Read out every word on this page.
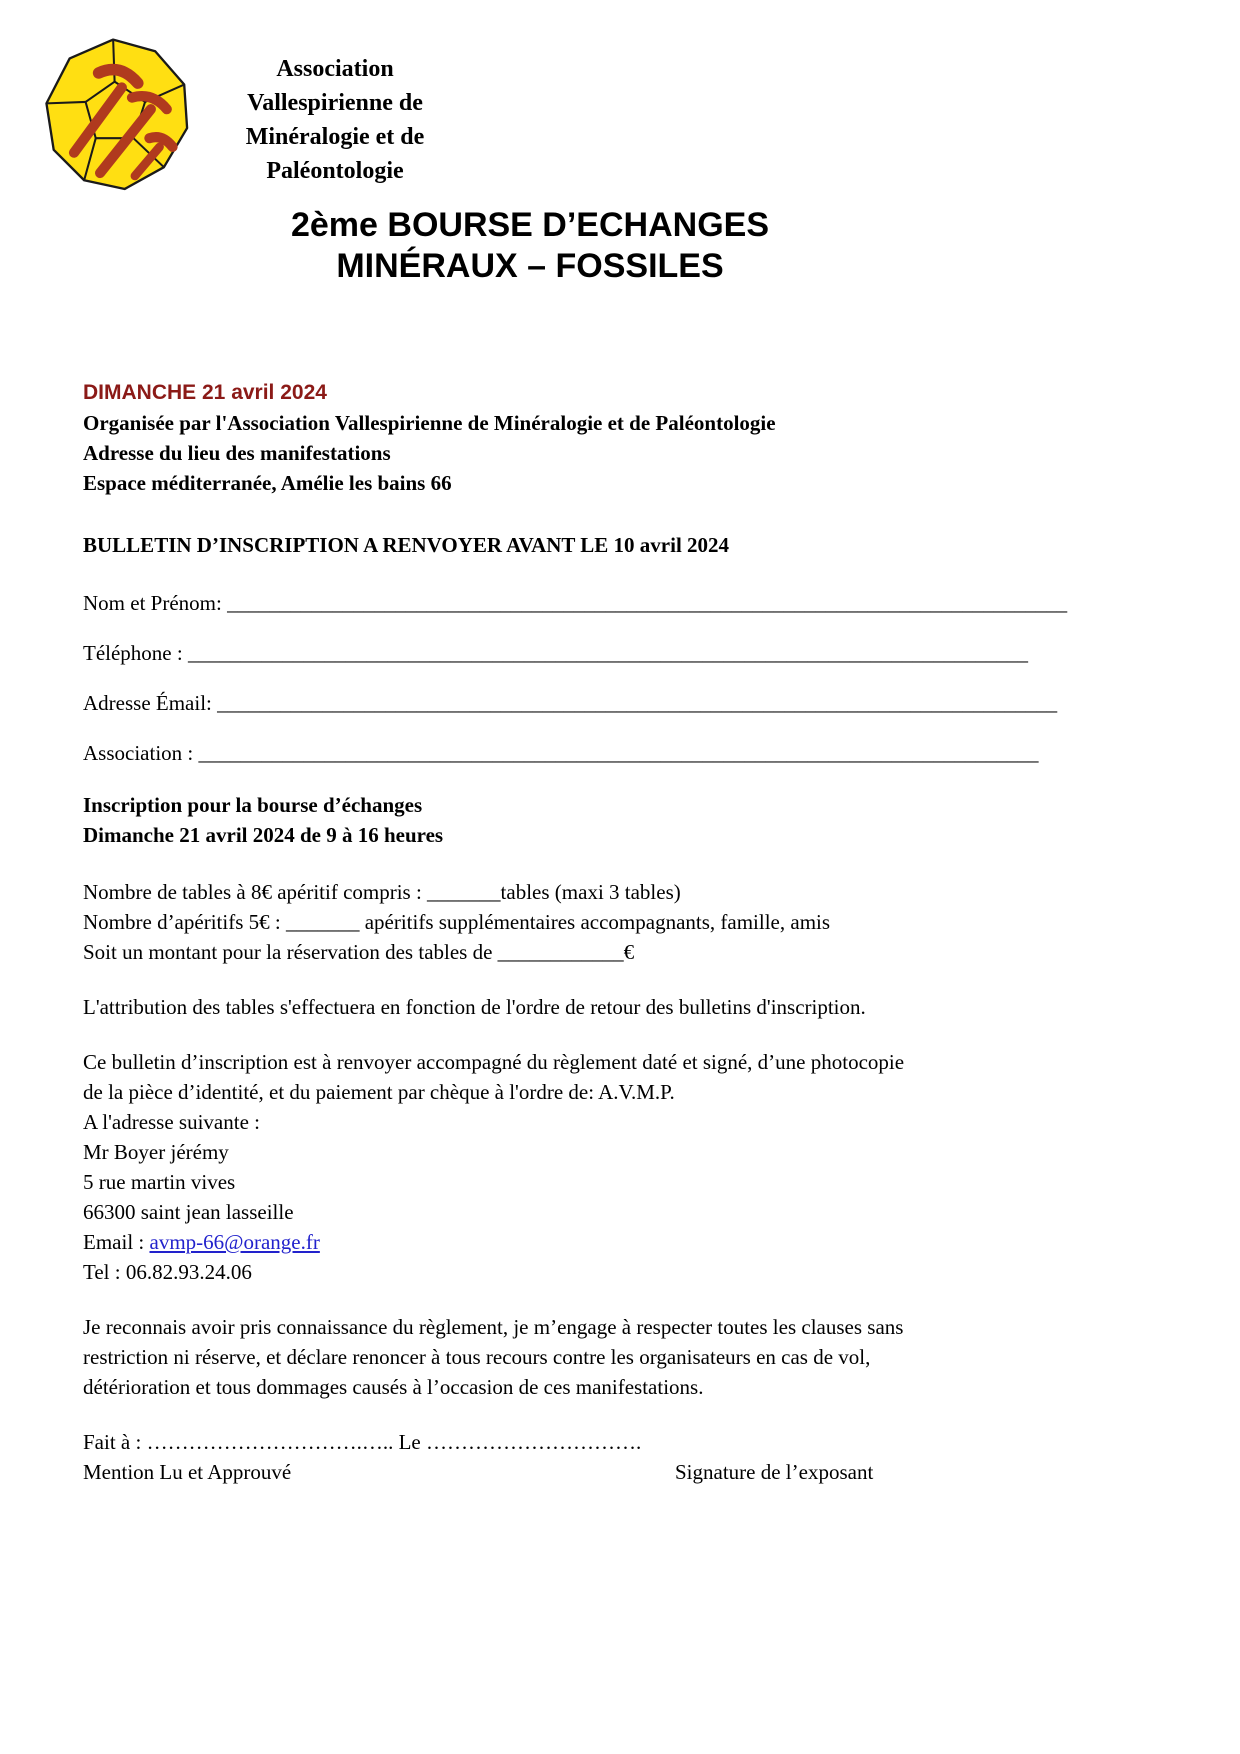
Association
Vallespirienne de
Minéralogie et de
Paléontologie
2ème BOURSE D’ECHANGES
MINÉRAUX – FOSSILES
DIMANCHE 21 avril 2024
Organisée par l'Association Vallespirienne de Minéralogie et de Paléontologie
Adresse du lieu des manifestations
Espace méditerranée, Amélie les bains 66
BULLETIN D’INSCRIPTION A RENVOYER AVANT LE 10 avril 2024
Nom et Prénom: ________________________________________________________________________________
Téléphone : ________________________________________________________________________________
Adresse Émail: ________________________________________________________________________________
Association : ________________________________________________________________________________
Inscription pour la bourse d’échanges
Dimanche 21 avril 2024 de 9 à 16 heures
Nombre de tables à 8€ apéritif compris : _______tables (maxi 3 tables)
Nombre d’apéritifs 5€ : _______ apéritifs supplémentaires accompagnants, famille, amis
Soit un montant pour la réservation des tables de ____________€
L'attribution des tables s'effectuera en fonction de l'ordre de retour des bulletins d'inscription.
Ce bulletin d’inscription est à renvoyer accompagné du règlement daté et signé, d’une photocopie
de la pièce d’identité, et du paiement par chèque à l'ordre de: A.V.M.P.
A l'adresse suivante :
Mr Boyer jérémy
5 rue martin vives
66300 saint jean lasseille
Email : avmp-66@orange.fr
Tel : 06.82.93.24.06
Je reconnais avoir pris connaissance du règlement, je m’engage à respecter toutes les clauses sans
restriction ni réserve, et déclare renoncer à tous recours contre les organisateurs en cas de vol,
détérioration et tous dommages causés à l’occasion de ces manifestations.
Fait à : ………………………….….. Le ………………………….
Mention Lu et Approuvé	Signature de l’exposant
